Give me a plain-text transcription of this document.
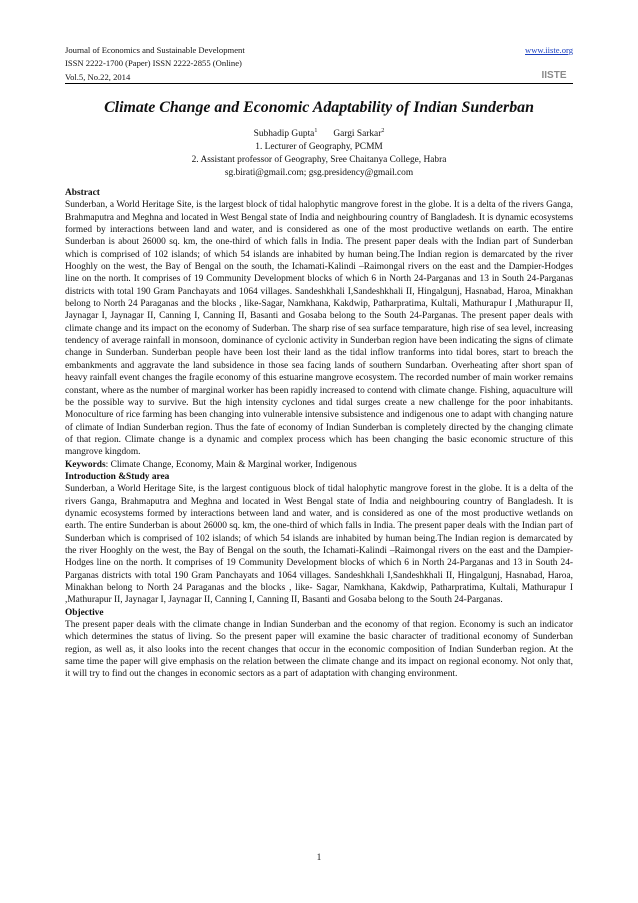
Journal of Economics and Sustainable Development
ISSN 2222-1700 (Paper) ISSN 2222-2855 (Online)
Vol.5, No.22, 2014
www.iiste.org
IISTE
Climate Change and Economic Adaptability of Indian Sunderban
Subhadip Gupta$^1$ Gargi Sarkar$^2$
1. Lecturer of Geography, PCMM
2. Assistant professor of Geography, Sree Chaitanya College, Habra
sg.birati@gmail.com; gsg.presidency@gmail.com

Abstract

Sunderban, a World Heritage Site, is the largest block of tidal halophytic mangrove forest in the globe. It is a delta of the rivers Ganga, Brahmaputra and Meghna and located in West Bengal state of India and neighbouring country of Bangladesh. It is dynamic ecosystems formed by interactions between land and water, and is considered as one of the most productive wetlands on earth. The entire Sunderban is about 26000 sq. km, the one-third of which falls in India. The present paper deals with the Indian part of Sunderban which is comprised of 102 islands; of which 54 islands are inhabited by human being.The Indian region is demarcated by the river Hooghly on the west, the Bay of Bengal on the south, the Ichamati-Kalindi –Raimongal rivers on the east and the Dampier-Hodges line on the north. It comprises of 19 Community Development blocks of which 6 in North 24-Parganas and 13 in South 24-Parganas districts with total 190 Gram Panchayats and 1064 villages. Sandeshkhali I,Sandeshkhali II, Hingalgunj, Hasnabad, Haroa, Minakhan belong to North 24 Paraganas and the blocks , like-Sagar, Namkhana, Kakdwip, Patharpratima, Kultali, Mathurapur I ,Mathurapur II, Jaynagar I, Jaynagar II, Canning I, Canning II, Basanti and Gosaba belong to the South 24-Parganas. The present paper deals with climate change and its impact on the economy of Suderban. The sharp rise of sea surface temparature, high rise of sea level, increasing tendency of average rainfall in monsoon, dominance of cyclonic activity in Sunderban region have been indicating the signs of climate change in Sunderban. Sunderban people have been lost their land as the tidal inflow tranforms into tidal bores, start to breach the embankments and aggravate the land subsidence in those sea facing lands of southern Sundarban. Overheating after short span of heavy rainfall event changes the fragile economy of this estuarine mangrove ecosystem. The recorded number of main worker remains constant, where as the number of marginal worker has been rapidly increased to contend with climate change. Fishing, aquaculture will be the possible way to survive. But the high intensity cyclones and tidal surges create a new challenge for the poor inhabitants. Monoculture of rice farming has been changing into vulnerable intensive subsistence and indigenous one to adapt with changing nature of climate of Indian Sunderban region. Thus the fate of economy of Indian Sunderban is completely directed by the changing climate of that region. Climate change is a dynamic and complex process which has been changing the basic economic structure of this mangrove kingdom.

Keywords: Climate Change, Economy, Main & Marginal worker, Indigenous

Introduction &Study area

Sunderban, a World Heritage Site, is the largest contiguous block of tidal halophytic mangrove forest in the globe. It is a delta of the rivers Ganga, Brahmaputra and Meghna and located in West Bengal state of India and neighbouring country of Bangladesh. It is dynamic ecosystems formed by interactions between land and water, and is considered as one of the most productive wetlands on earth. The entire Sunderban is about 26000 sq. km, the one-third of which falls in India. The present paper deals with the Indian part of Sunderban which is comprised of 102 islands; of which 54 islands are inhabited by human being.The Indian region is demarcated by the river Hooghly on the west, the Bay of Bengal on the south, the Ichamati-Kalindi –Raimongal rivers on the east and the Dampier-Hodges line on the north. It comprises of 19 Community Development blocks of which 6 in North 24-Parganas and 13 in South 24-Parganas districts with total 190 Gram Panchayats and 1064 villages. Sandeshkhali I,Sandeshkhali II, Hingalgunj, Hasnabad, Haroa, Minakhan belong to North 24 Paraganas and the blocks , like- Sagar, Namkhana, Kakdwip, Patharpratima, Kultali, Mathurapur I ,Mathurapur II, Jaynagar I, Jaynagar II, Canning I, Canning II, Basanti and Gosaba belong to the South 24-Parganas.

Objective

The present paper deals with the climate change in Indian Sunderban and the economy of that region. Economy is such an indicator which determines the status of living. So the present paper will examine the basic character of traditional economy of Sunderban region, as well as, it also looks into the recent changes that occur in the economic composition of Indian Sunderban region. At the same time the paper will give emphasis on the relation between the climate change and its impact on regional economy. Not only that, it will try to find out the changes in economic sectors as a part of adaptation with changing environment.

1
